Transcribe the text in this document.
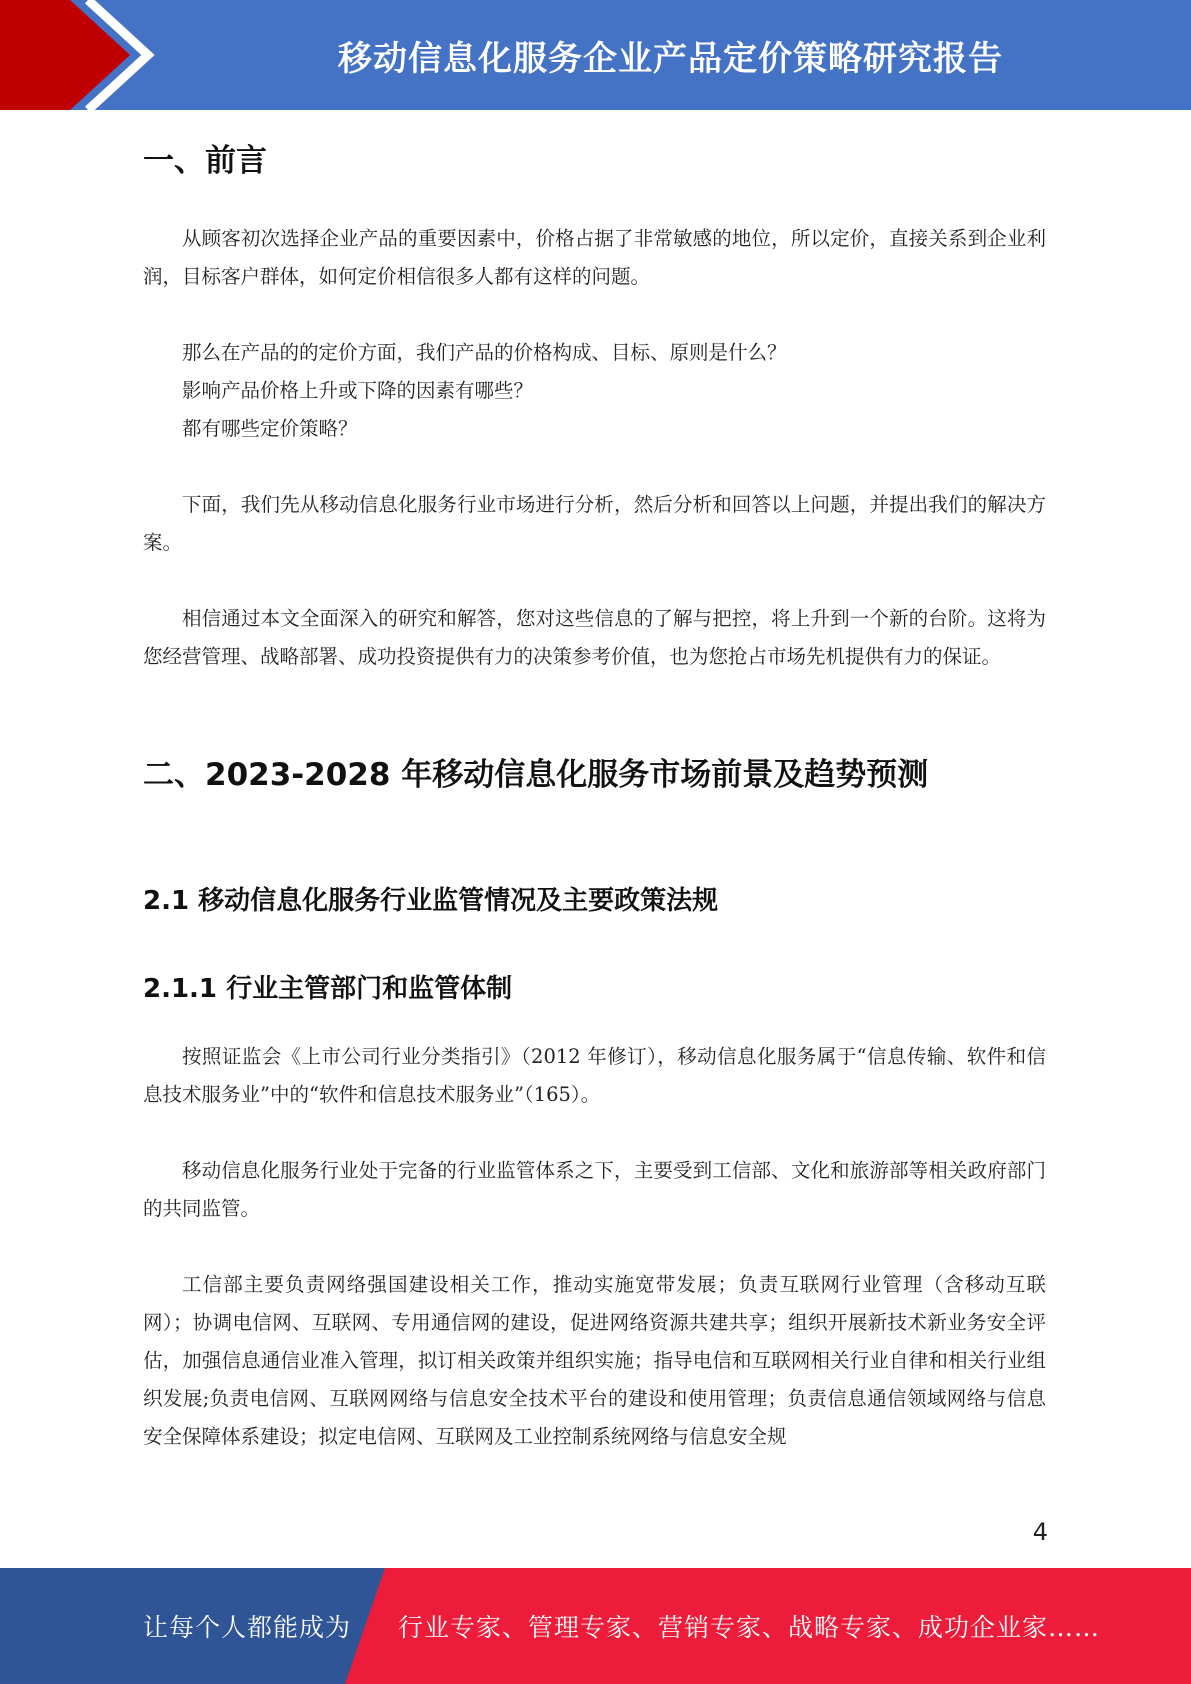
移动信息化服务企业产品定价策略研究报告
一、前言

从顾客初次选择企业产品的重要因素中，价格占据了非常敏感的地位，所以定价，直接关系到企业利润，目标客户群体，如何定价相信很多人都有这样的问题。

那么在产品的的定价方面，我们产品的价格构成、目标、原则是什么？

影响产品价格上升或下降的因素有哪些？

都有哪些定价策略？

下面，我们先从移动信息化服务行业市场进行分析，然后分析和回答以上问题，并提出我们的解决方案。

相信通过本文全面深入的研究和解答，您对这些信息的了解与把控，将上升到一个新的台阶。这将为您经营管理、战略部署、成功投资提供有力的决策参考价值，也为您抢占市场先机提供有力的保证。

二、2023-2028 年移动信息化服务市场前景及趋势预测
2.1 移动信息化服务行业监管情况及主要政策法规
2.1.1 行业主管部门和监管体制

按照证监会《上市公司行业分类指引》（2012 年修订），移动信息化服务属于“信息传输、软件和信息技术服务业”中的“软件和信息技术服务业”（165）。

移动信息化服务行业处于完备的行业监管体系之下，主要受到工信部、文化和旅游部等相关政府部门的共同监管。

工信部主要负责网络强国建设相关工作，推动实施宽带发展；负责互联网行业管理（含移动互联网）；协调电信网、互联网、专用通信网的建设，促进网络资源共建共享；组织开展新技术新业务安全评估，加强信息通信业准入管理，拟订相关政策并组织实施；指导电信和互联网相关行业自律和相关行业组织发展;负责电信网、互联网网络与信息安全技术平台的建设和使用管理；负责信息通信领域网络与信息安全保障体系建设；拟定电信网、互联网及工业控制系统网络与信息安全规

4
让每个人都能成为 行业专家、管理专家、营销专家、战略专家、成功企业家……
